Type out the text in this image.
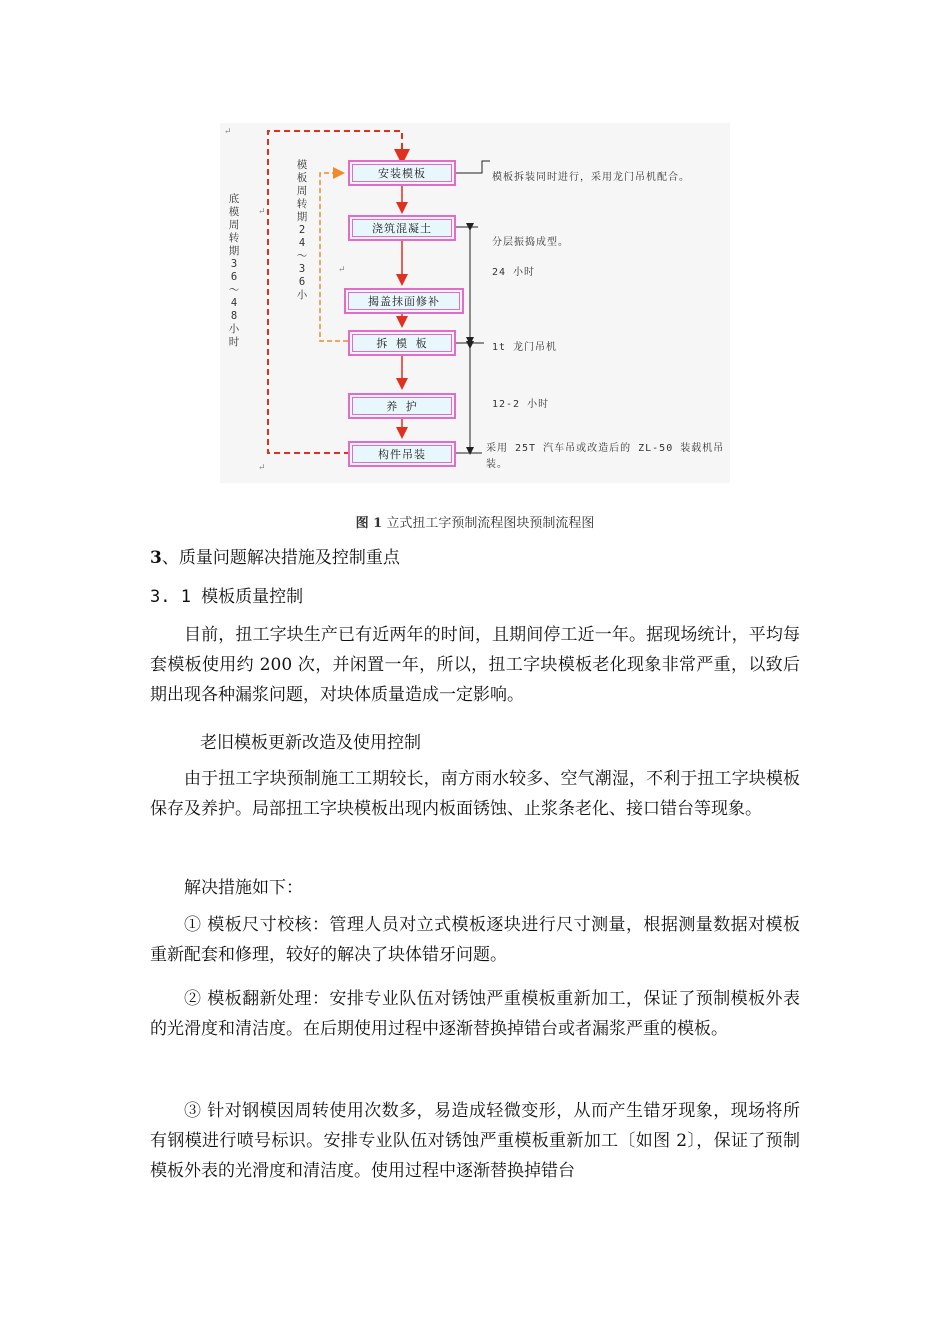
安装模板
浇筑混凝土
揭盖抹面修补
拆 模 板
养 护
构件吊装
模板拆装同时进行，采用龙门吊机配合。
分层振捣成型。
24 小时
1t 龙门吊机
12-2 小时
采用 25T 汽车吊或改造后的 ZL-50 装载机吊装。
底模周转期36～48小时
模板周转期24～36小
↵
↵
↵
↵
图 1 立式扭工字预制流程图块预制流程图
3、质量问题解决措施及控制重点
3. 1 模板质量控制
目前，扭工字块生产已有近两年的时间，且期间停工近一年。据现场统计，平均每套模板使用约 200 次，并闲置一年，所以，扭工字块模板老化现象非常严重，以致后期出现各种漏浆问题，对块体质量造成一定影响。
老旧模板更新改造及使用控制
由于扭工字块预制施工工期较长，南方雨水较多、空气潮湿，不利于扭工字块模板保存及养护。局部扭工字块模板出现内板面锈蚀、止浆条老化、接口错台等现象。
解决措施如下：
① 模板尺寸校核：管理人员对立式模板逐块进行尺寸测量，根据测量数据对模板重新配套和修理，较好的解决了块体错牙问题。
② 模板翻新处理：安排专业队伍对锈蚀严重模板重新加工，保证了预制模板外表的光滑度和清洁度。在后期使用过程中逐渐替换掉错台或者漏浆严重的模板。
③ 针对钢模因周转使用次数多，易造成轻微变形，从而产生错牙现象，现场将所有钢模进行喷号标识。安排专业队伍对锈蚀严重模板重新加工〔如图 2〕，保证了预制模板外表的光滑度和清洁度。使用过程中逐渐替换掉错台
